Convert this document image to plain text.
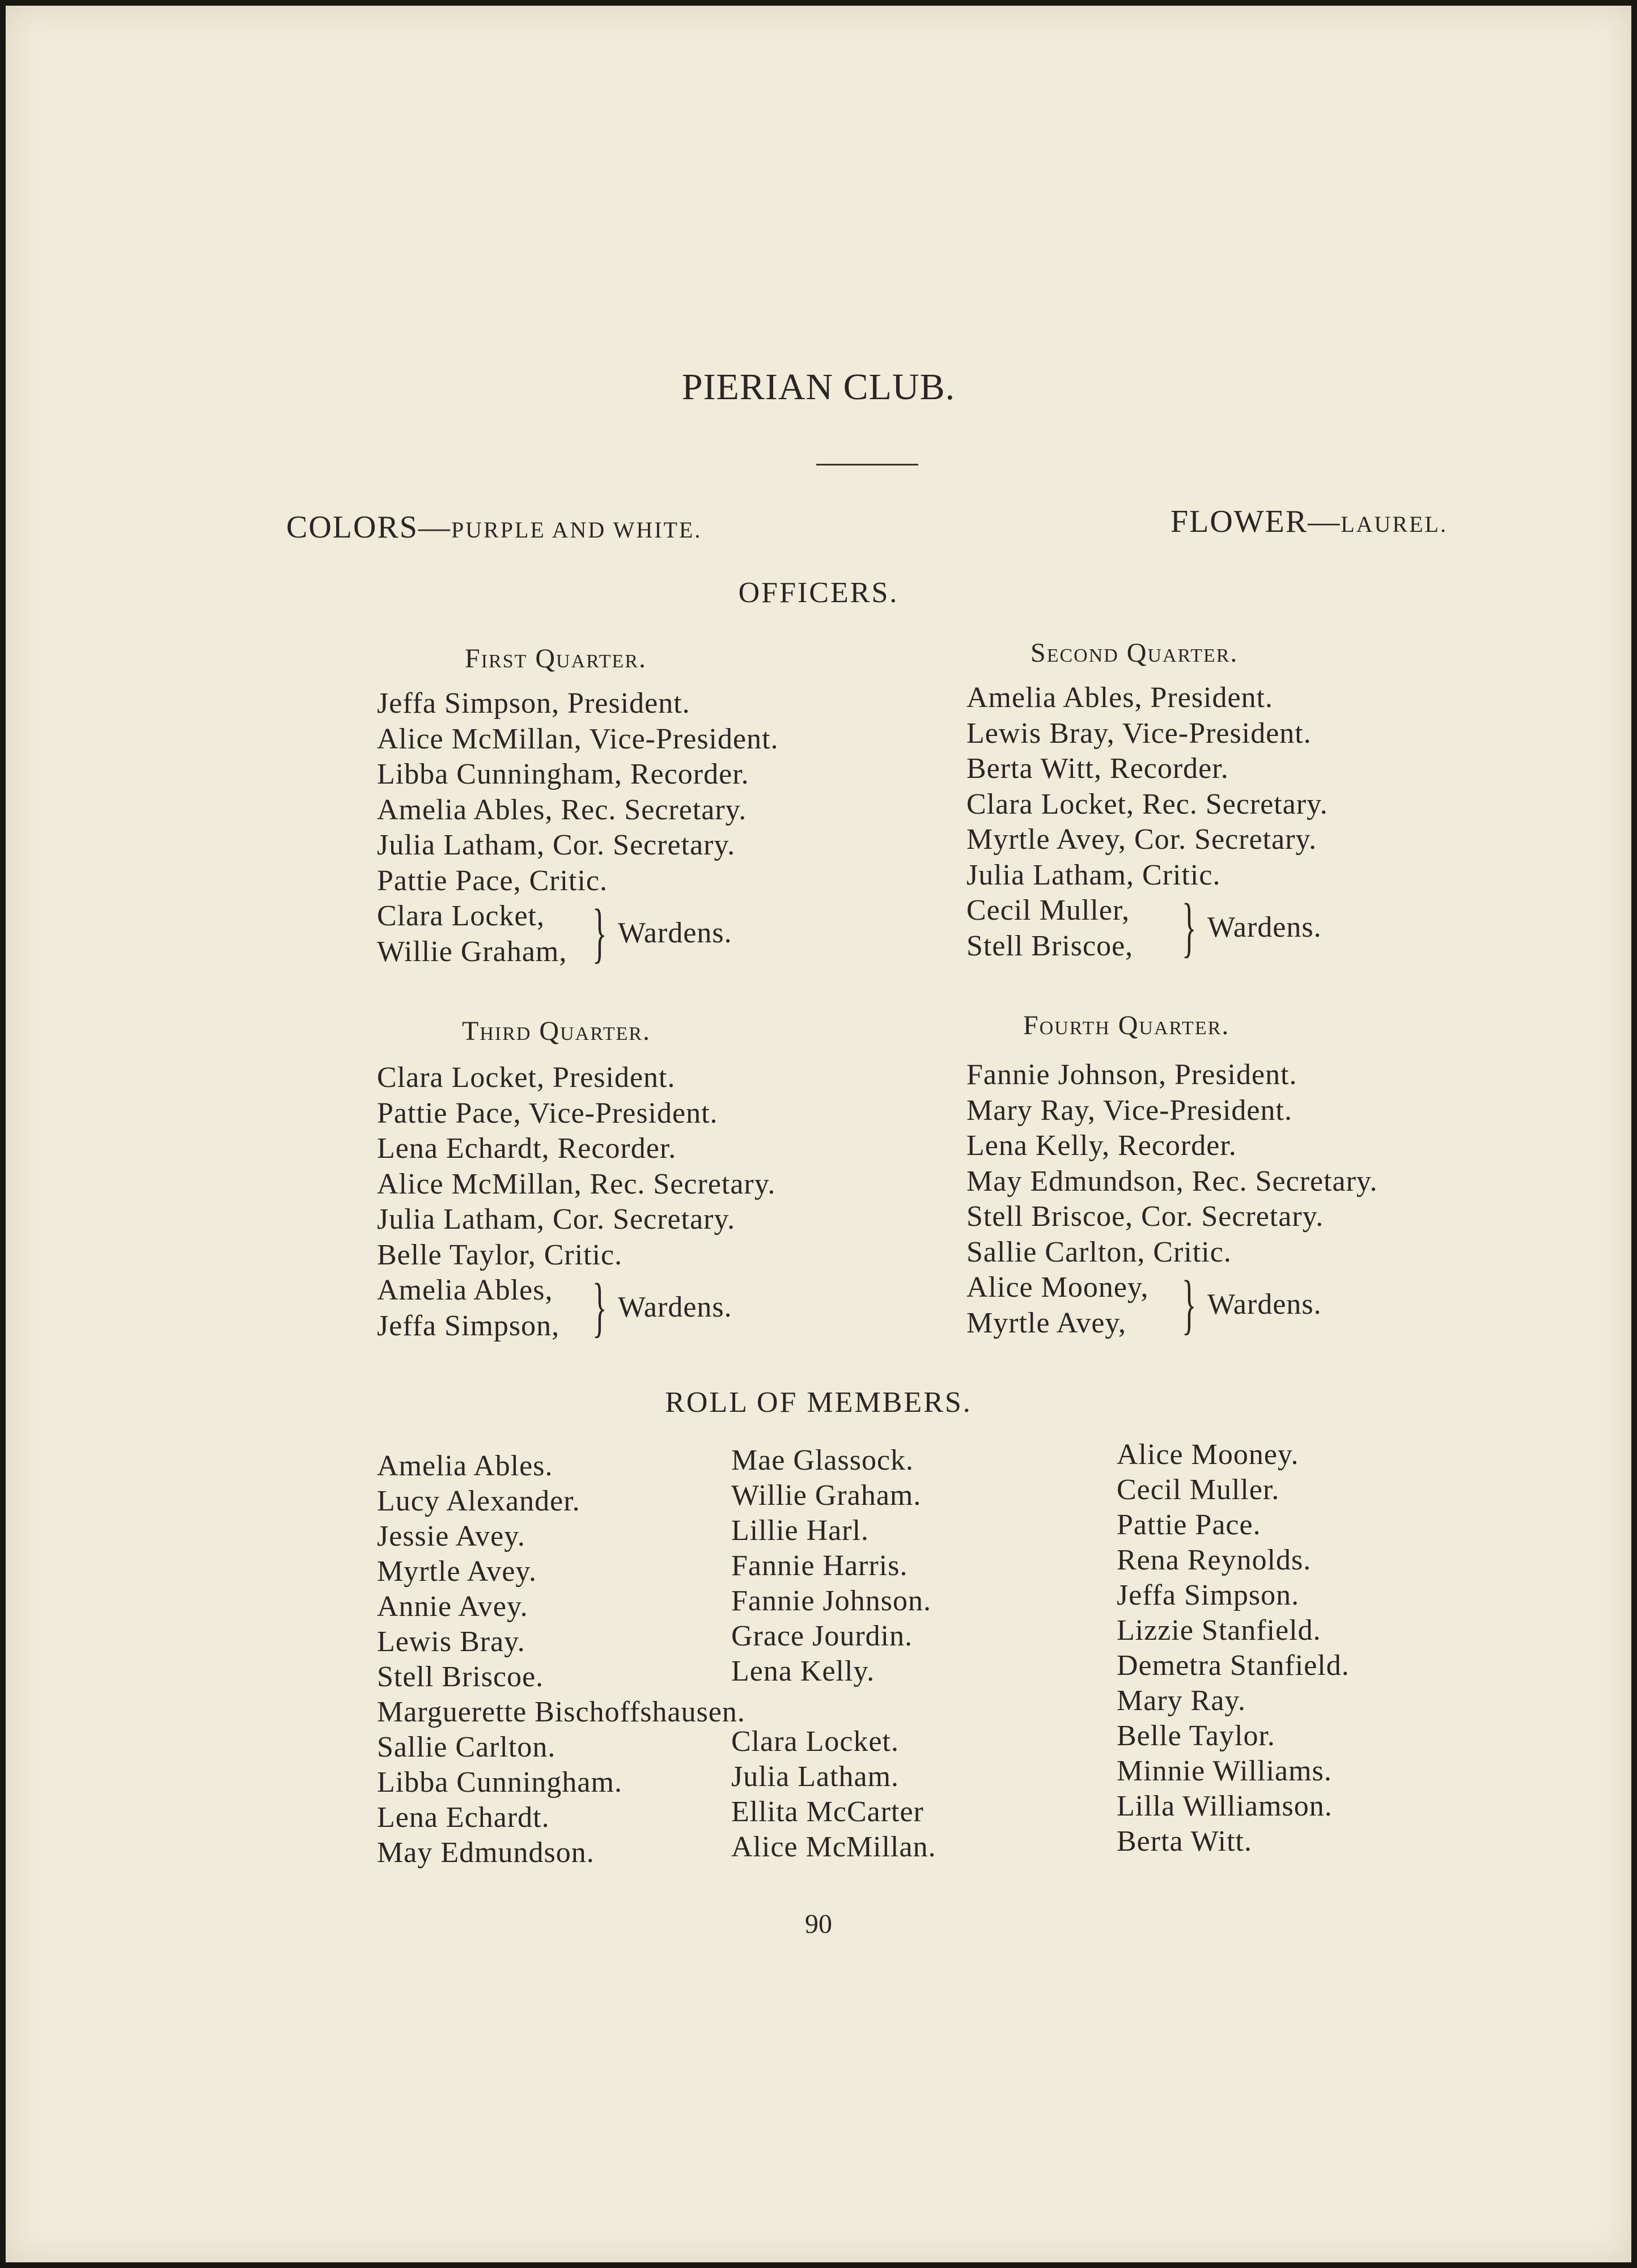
PIERIAN CLUB.
COLORS—PURPLE AND WHITE.	FLOWER—LAUREL.
OFFICERS.
ROLL OF MEMBERS.
90
First Quarter.
Jeffa Simpson, President.
Alice McMillan, Vice-President.
Libba Cunningham, Recorder.
Amelia Ables, Rec. Secretary.
Julia Latham, Cor. Secretary.
Pattie Pace, Critic.
Clara Locket,
Willie Graham, } Wardens.
Second Quarter.
Amelia Ables, President.
Lewis Bray, Vice-President.
Berta Witt, Recorder.
Clara Locket, Rec. Secretary.
Myrtle Avey, Cor. Secretary.
Julia Latham, Critic.
Cecil Muller,
Stell Briscoe, } Wardens.
Third Quarter.
Clara Locket, President.
Pattie Pace, Vice-President.
Lena Echardt, Recorder.
Alice McMillan, Rec. Secretary.
Julia Latham, Cor. Secretary.
Belle Taylor, Critic.
Amelia Ables,
Jeffa Simpson, } Wardens.
Fourth Quarter.
Fannie Johnson, President.
Mary Ray, Vice-President.
Lena Kelly, Recorder.
May Edmundson, Rec. Secretary.
Stell Briscoe, Cor. Secretary.
Sallie Carlton, Critic.
Alice Mooney,
Myrtle Avey, } Wardens.
Amelia Ables.
Lucy Alexander.
Jessie Avey.
Myrtle Avey.
Annie Avey.
Lewis Bray.
Stell Briscoe.
Marguerette Bischoffshausen.
Sallie Carlton.
Libba Cunningham.
Lena Echardt.
May Edmundson.
Mae Glassock.
Willie Graham.
Lillie Harl.
Fannie Harris.
Fannie Johnson.
Grace Jourdin.
Lena Kelly.
Clara Locket.
Julia Latham.
Ellita McCarter
Alice McMillan.
Alice Mooney.
Cecil Muller.
Pattie Pace.
Rena Reynolds.
Jeffa Simpson.
Lizzie Stanfield.
Demetra Stanfield.
Mary Ray.
Belle Taylor.
Minnie Williams.
Lilla Williamson.
Berta Witt.
